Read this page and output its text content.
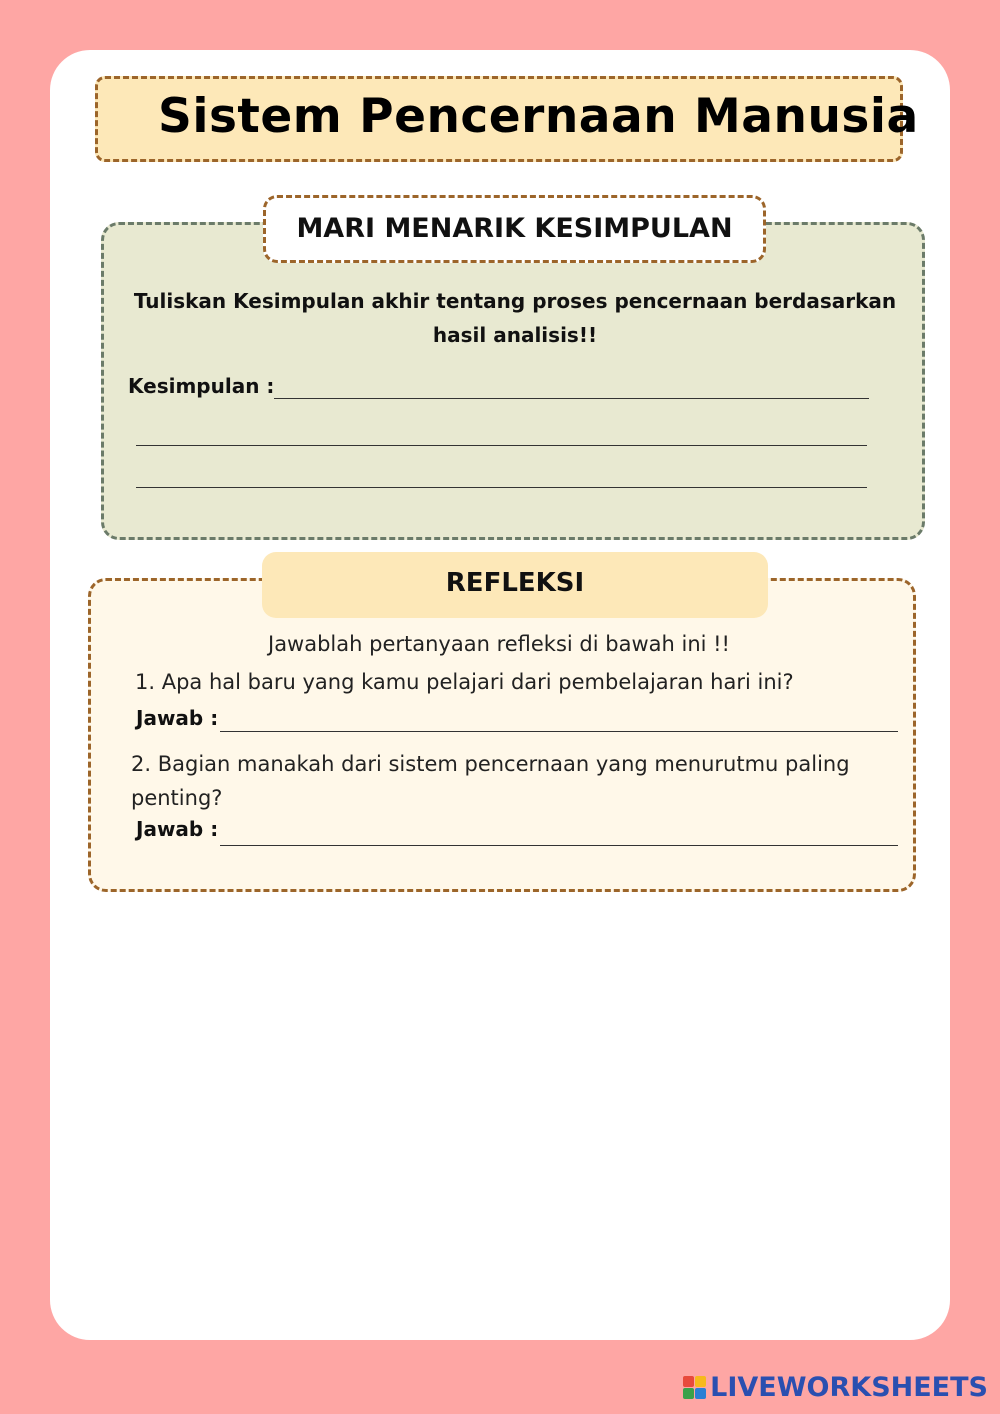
Sistem Pencernaan Manusia
MARI MENARIK KESIMPULAN
Tuliskan Kesimpulan akhir tentang proses pencernaan berdasarkan hasil analisis!!
Kesimpulan :
REFLEKSI
Jawablah pertanyaan refleksi di bawah ini !!
1. Apa hal baru yang kamu pelajari dari pembelajaran hari ini?
Jawab :
2. Bagian manakah dari sistem pencernaan yang menurutmu paling penting?
Jawab :
LIVEWORKSHEETS
